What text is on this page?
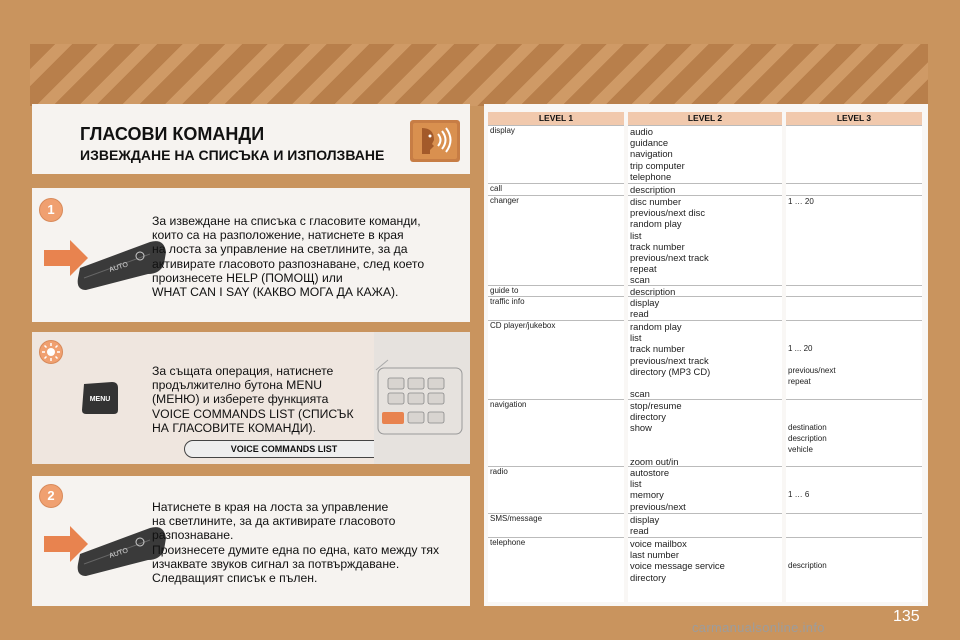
ГЛАСОВИ КОМАНДИ
ИЗВЕЖДАНЕ НА СПИСЪКА И ИЗПОЛЗВАНЕ
1
AUTO
За извеждане на списъка с гласовите команди,
които са на разположение, натиснете в края
на лоста за управление на светлините, за да
активирате гласовото разпознаване, след което
произнесете HELP (ПОМОЩ) или
WHAT CAN I SAY (КАКВО МОГА ДА КАЖА).
MENU
За същата операция, натиснете
продължително бутона MENU
(МЕНЮ) и изберете функцията
VOICE COMMANDS LIST (СПИСЪК
НА ГЛАСОВИТЕ КОМАНДИ).
VOICE COMMANDS LIST
2
AUTO
Натиснете в края на лоста за управление
на светлините, за да активирате гласовото
разпознаване.
Произнесете думите една по една, като между тях
изчаквате звуков сигнал за потвърждаване.
Следващият списък е пълен.
LEVEL 1
display
call
changer
guide to
traffic info
CD player/jukebox
navigation
radio
SMS/message
telephone
LEVEL 2
audio
guidance
navigation
trip computer
telephone
description
disc number
previous/next disc
random play
list
track number
previous/next track
repeat
scan
description
display
read
random play
list
track number
previous/next track
directory (MP3 CD)

scan
stop/resume
directory
show

zoom out/in
autostore
list
memory
previous/next
display
read
voice mailbox
last number
voice message service
directory
LEVEL 3
1 … 20

1 ... 20

previous/next
repeat

destination
description
vehicle

1 … 6

description
135
carmanualsonline.info
